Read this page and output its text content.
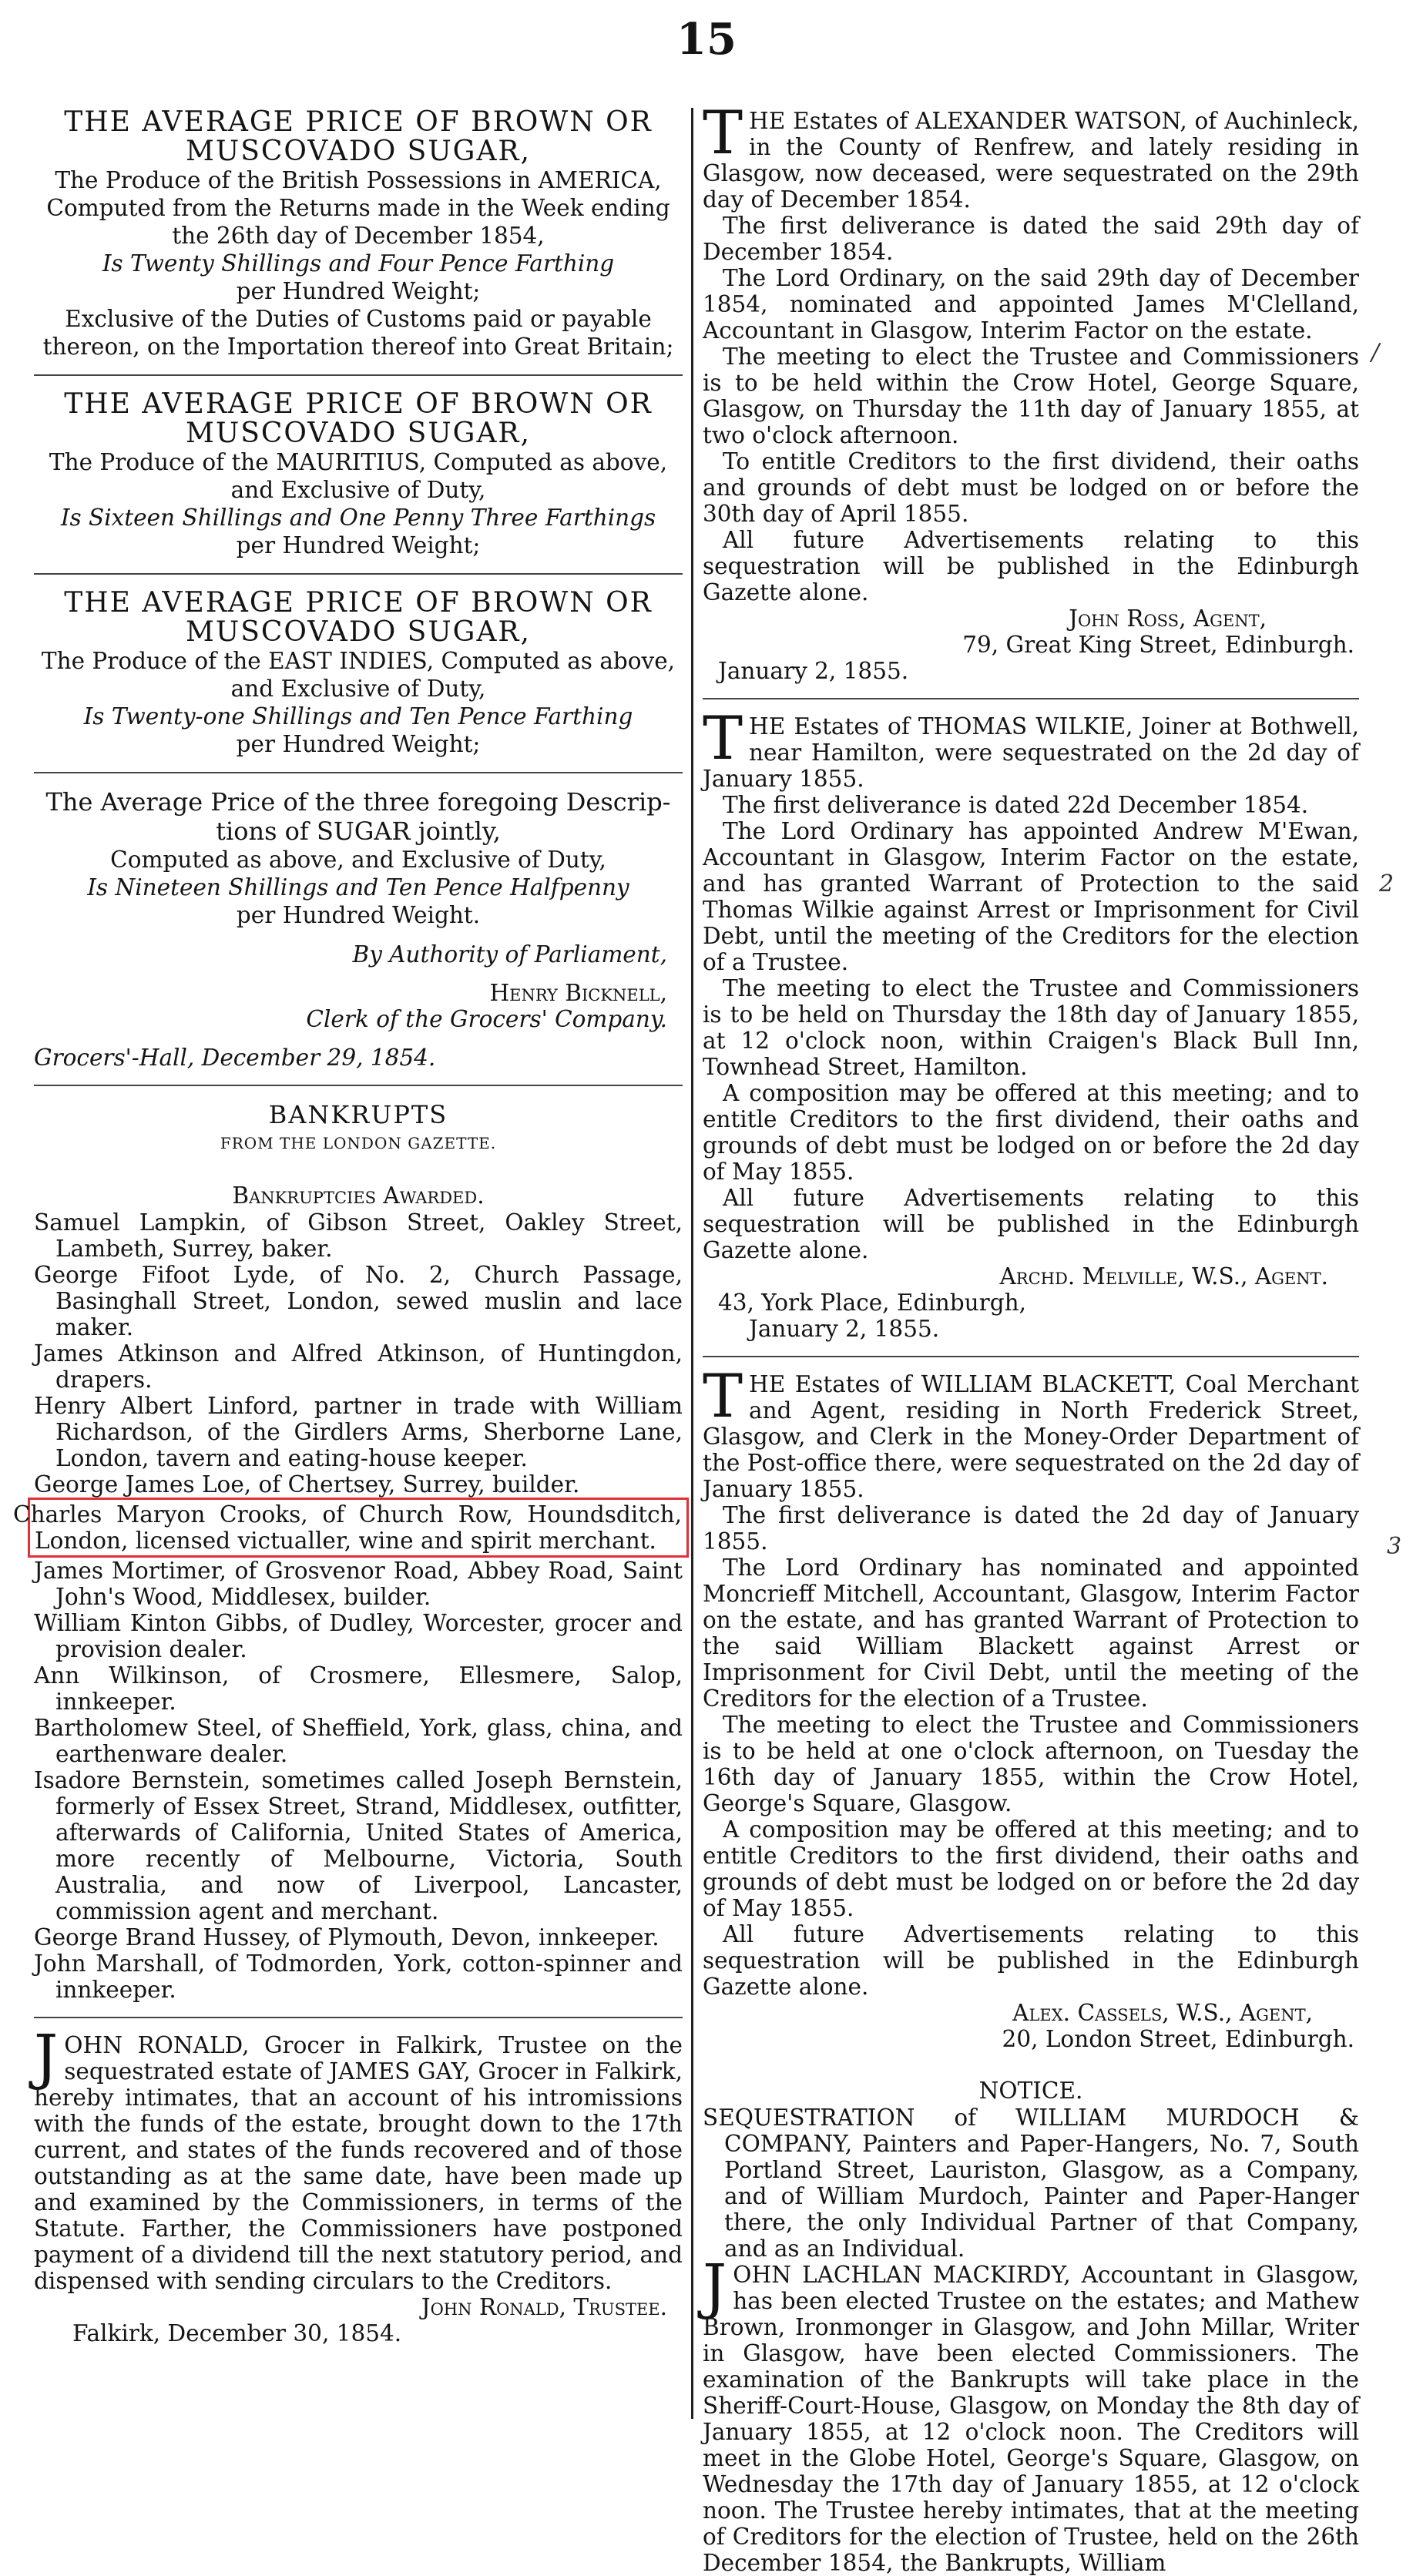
15

THE AVERAGE PRICE OF BROWN OR

MUSCOVADO SUGAR,

The Produce of the British Possessions in AMERICA,

Computed from the Returns made in the Week ending

the 26th day of December 1854,

Is Twenty Shillings and Four Pence Farthing

per Hundred Weight;

Exclusive of the Duties of Customs paid or payable

thereon, on the Importation thereof into Great Britain;

THE AVERAGE PRICE OF BROWN OR

MUSCOVADO SUGAR,

The Produce of the MAURITIUS, Computed as above,

and Exclusive of Duty,

Is Sixteen Shillings and One Penny Three Farthings

per Hundred Weight;

THE AVERAGE PRICE OF BROWN OR

MUSCOVADO SUGAR,

The Produce of the EAST INDIES, Computed as above,

and Exclusive of Duty,

Is Twenty-one Shillings and Ten Pence Farthing

per Hundred Weight;

The Average Price of the three foregoing Descrip-

tions of SUGAR jointly,

Computed as above, and Exclusive of Duty,

Is Nineteen Shillings and Ten Pence Halfpenny

per Hundred Weight.

By Authority of Parliament,

Henry Bicknell,

Clerk of the Grocers' Company.

Grocers'-Hall, December 29, 1854.

BANKRUPTS

FROM THE LONDON GAZETTE.

Bankruptcies Awarded.

Samuel Lampkin, of Gibson Street, Oakley Street, Lambeth, Surrey, baker.

George Fifoot Lyde, of No. 2, Church Passage, Basinghall Street, London, sewed muslin and lace maker.

James Atkinson and Alfred Atkinson, of Huntingdon, drapers.

Henry Albert Linford, partner in trade with William Richardson, of the Girdlers Arms, Sherborne Lane, London, tavern and eating-house keeper.

George James Loe, of Chertsey, Surrey, builder.

Charles Maryon Crooks, of Church Row, Houndsditch, London, licensed victualler, wine and spirit merchant.

James Mortimer, of Grosvenor Road, Abbey Road, Saint John's Wood, Middlesex, builder.

William Kinton Gibbs, of Dudley, Worcester, grocer and provision dealer.

Ann Wilkinson, of Crosmere, Ellesmere, Salop, innkeeper.

Bartholomew Steel, of Sheffield, York, glass, china, and earthenware dealer.

Isadore Bernstein, sometimes called Joseph Bernstein, formerly of Essex Street, Strand, Middlesex, outfitter, afterwards of California, United States of America, more recently of Melbourne, Victoria, South Australia, and now of Liverpool, Lancaster, commission agent and merchant.

George Brand Hussey, of Plymouth, Devon, innkeeper.

John Marshall, of Todmorden, York, cotton-spinner and innkeeper.

J OHN RONALD, Grocer in Falkirk, Trustee on the sequestrated estate of JAMES GAY, Grocer in Falkirk, hereby intimates, that an account of his intromissions with the funds of the estate, brought down to the 17th current, and states of the funds recovered and of those outstanding as at the same date, have been made up and examined by the Commissioners, in terms of the Statute. Farther, the Commissioners have postponed payment of a dividend till the next statutory period, and dispensed with sending circulars to the Creditors.

John Ronald, Trustee.

Falkirk, December 30, 1854.

T HE Estates of ALEXANDER WATSON, of Auchinleck, in the County of Renfrew, and lately residing in Glasgow, now deceased, were sequestrated on the 29th day of December 1854.

The first deliverance is dated the said 29th day of December 1854.

The Lord Ordinary, on the said 29th day of December 1854, nominated and appointed James M'Clelland, Accountant in Glasgow, Interim Factor on the estate.

The meeting to elect the Trustee and Commissioners is to be held within the Crow Hotel, George Square, Glasgow, on Thursday the 11th day of January 1855, at two o'clock afternoon.

To entitle Creditors to the first dividend, their oaths and grounds of debt must be lodged on or before the 30th day of April 1855.

All future Advertisements relating to this sequestration will be published in the Edinburgh Gazette alone.

John Ross, Agent,

79, Great King Street, Edinburgh.

January 2, 1855.

T HE Estates of THOMAS WILKIE, Joiner at Bothwell, near Hamilton, were sequestrated on the 2d day of January 1855.

The first deliverance is dated 22d December 1854.

The Lord Ordinary has appointed Andrew M'Ewan, Accountant in Glasgow, Interim Factor on the estate, and has granted Warrant of Protection to the said Thomas Wilkie against Arrest or Imprisonment for Civil Debt, until the meeting of the Creditors for the election of a Trustee.

The meeting to elect the Trustee and Commissioners is to be held on Thursday the 18th day of January 1855, at 12 o'clock noon, within Craigen's Black Bull Inn, Townhead Street, Hamilton.

A composition may be offered at this meeting; and to entitle Creditors to the first dividend, their oaths and grounds of debt must be lodged on or before the 2d day of May 1855.

All future Advertisements relating to this sequestration will be published in the Edinburgh Gazette alone.

Archd. Melville, W.S., Agent.

43, York Place, Edinburgh,

January 2, 1855.

T HE Estates of WILLIAM BLACKETT, Coal Merchant and Agent, residing in North Frederick Street, Glasgow, and Clerk in the Money-Order Department of the Post-office there, were sequestrated on the 2d day of January 1855.

The first deliverance is dated the 2d day of January 1855.

The Lord Ordinary has nominated and appointed Moncrieff Mitchell, Accountant, Glasgow, Interim Factor on the estate, and has granted Warrant of Protection to the said William Blackett against Arrest or Imprisonment for Civil Debt, until the meeting of the Creditors for the election of a Trustee.

The meeting to elect the Trustee and Commissioners is to be held at one o'clock afternoon, on Tuesday the 16th day of January 1855, within the Crow Hotel, George's Square, Glasgow.

A composition may be offered at this meeting; and to entitle Creditors to the first dividend, their oaths and grounds of debt must be lodged on or before the 2d day of May 1855.

All future Advertisements relating to this sequestration will be published in the Edinburgh Gazette alone.

Alex. Cassels, W.S., Agent,

20, London Street, Edinburgh.

NOTICE.

SEQUESTRATION of WILLIAM MURDOCH & COMPANY, Painters and Paper-Hangers, No. 7, South Portland Street, Lauriston, Glasgow, as a Company, and of William Murdoch, Painter and Paper-Hanger there, the only Individual Partner of that Company, and as an Individual.

J OHN LACHLAN MACKIRDY, Accountant in Glasgow, has been elected Trustee on the estates; and Mathew Brown, Ironmonger in Glasgow, and John Millar, Writer in Glasgow, have been elected Commissioners. The examination of the Bankrupts will take place in the Sheriff-Court-House, Glasgow, on Monday the 8th day of January 1855, at 12 o'clock noon. The Creditors will meet in the Globe Hotel, George's Square, Glasgow, on Wednesday the 17th day of January 1855, at 12 o'clock noon. The Trustee hereby intimates, that at the meeting of Creditors for the election of Trustee, held on the 26th December 1854, the Bankrupts, William

/
2
3
